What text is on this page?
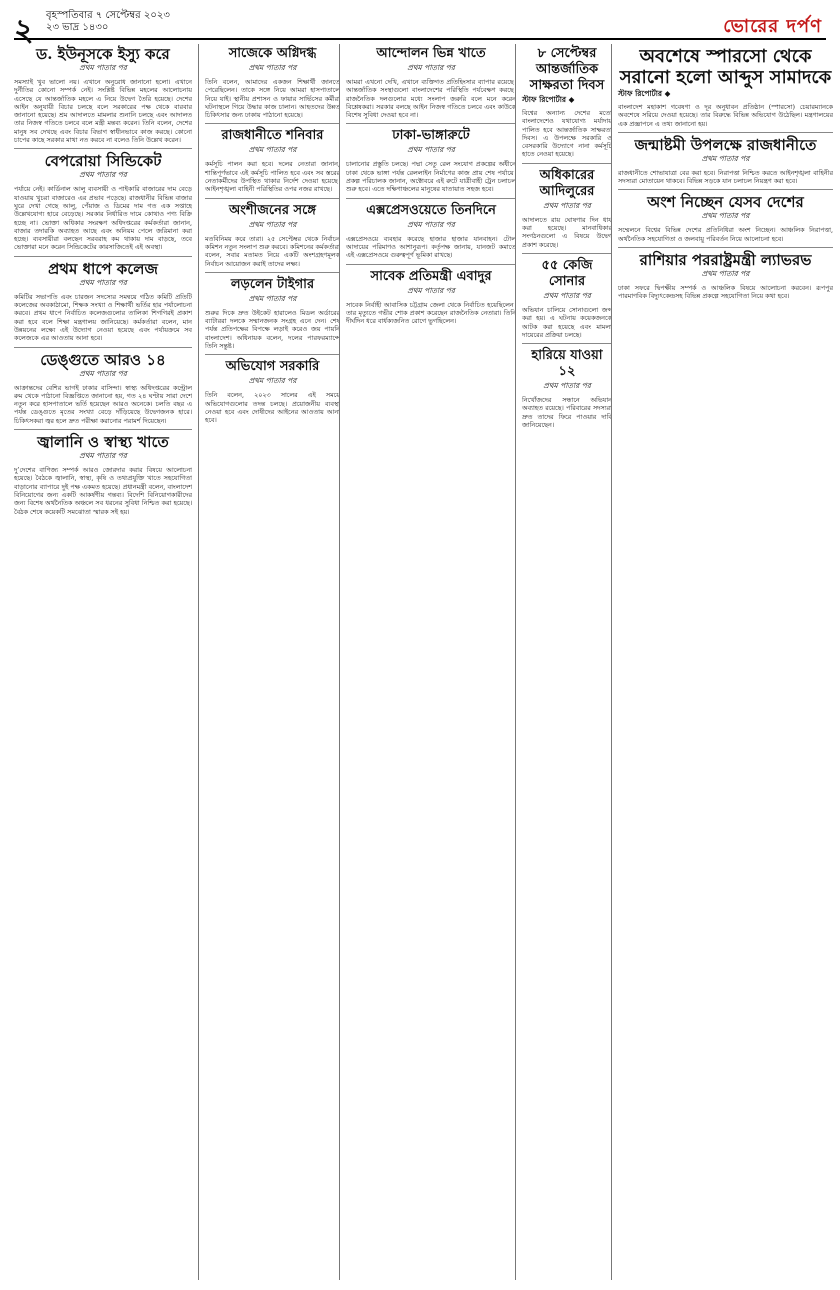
২ বৃহস্পতিবার ৭ সেপ্টেম্বর ২০২৩
২৩ ভাদ্র ১৪৩০	ভোরের দর্পণ
ড. ইউনূসকে ইস্যু করে

প্রথম পাতার পর

সমস্যাই খুব ভালো নয়। এখানে অনুরোধ জানানো হলো। এখানে দুর্নীতির কোনো সম্পর্ক নেই। সংশ্লিষ্ট বিভিন্ন মহলের আলোচনায় এসেছে যে আন্তর্জাতিক মহলে এ নিয়ে উদ্বেগ তৈরি হয়েছে। দেশের আইন অনুযায়ী বিচার চলছে বলে সরকারের পক্ষ থেকে বারবার জানানো হয়েছে। শ্রম আদালতে মামলার শুনানি চলছে এবং আদালত তার নিজস্ব গতিতে চলবে বলে মন্ত্রী মন্তব্য করেন। তিনি বলেন, দেশের মানুষ সব দেখছে এবং বিচার বিভাগ স্বাধীনভাবে কাজ করছে। কোনো চাপের কাছে সরকার মাথা নত করবে না বলেও তিনি উল্লেখ করেন।

বেপরোয়া সিন্ডিকেট

প্রথম পাতার পর

পর্যায়ে নেই। কার্ডিনাল আলু ব্যবসায়ী ও পাইকারি বাজারের দাম বেড়ে যাওয়ায় খুচরা বাজারেও এর প্রভাব পড়েছে। রাজধানীর বিভিন্ন বাজার ঘুরে দেখা গেছে আলু, পেঁয়াজ ও ডিমের দাম গত এক সপ্তাহে উল্লেখযোগ্য হারে বেড়েছে। সরকার নির্ধারিত দামে কোথাও পণ্য বিক্রি হচ্ছে না। ভোক্তা অধিকার সংরক্ষণ অধিদপ্তরের কর্মকর্তারা জানান, বাজার তদারকি অব্যাহত আছে এবং অনিয়ম পেলে জরিমানা করা হচ্ছে। ব্যবসায়ীরা বলছেন সরবরাহ কম থাকায় দাম বাড়ছে, তবে ভোক্তারা মনে করেন সিন্ডিকেটের কারসাজিতেই এই অবস্থা।

প্রথম ধাপে কলেজ

প্রথম পাতার পর

কমিটির সভাপতি এবং চারজন সদস্যের সমন্বয়ে গঠিত কমিটি প্রতিটি কলেজের অবকাঠামো, শিক্ষক সংখ্যা ও শিক্ষার্থী ভর্তির হার পর্যালোচনা করবে। প্রথম ধাপে নির্বাচিত কলেজগুলোর তালিকা শিগগিরই প্রকাশ করা হবে বলে শিক্ষা মন্ত্রণালয় জানিয়েছে। কর্মকর্তারা বলেন, মান উন্নয়নের লক্ষ্যে এই উদ্যোগ নেওয়া হয়েছে এবং পর্যায়ক্রমে সব কলেজকে এর আওতায় আনা হবে।

ডেঙ্গুতে আরও ১৪

প্রথম পাতার পর

আক্রান্তদের বেশির ভাগই ঢাকার বাসিন্দা। স্বাস্থ্য অধিদপ্তরের কন্ট্রোল রুম থেকে পাঠানো বিজ্ঞপ্তিতে জানানো হয়, গত ২৪ ঘণ্টায় সারা দেশে নতুন করে হাসপাতালে ভর্তি হয়েছেন আরও অনেকে। চলতি বছর এ পর্যন্ত ডেঙ্গুতে মৃতের সংখ্যা বেড়ে দাঁড়িয়েছে উদ্বেগজনক হারে। চিকিৎসকরা জ্বর হলে দ্রুত পরীক্ষা করানোর পরামর্শ দিয়েছেন।

জ্বালানি ও স্বাস্থ্য খাতে

প্রথম পাতার পর

দু’দেশের বাণিজ্য সম্পর্ক আরও জোরদার করার বিষয়ে আলোচনা হয়েছে। বৈঠকে জ্বালানি, স্বাস্থ্য, কৃষি ও তথ্যপ্রযুক্তি খাতে সহযোগিতা বাড়ানোর ব্যাপারে দুই পক্ষ একমত হয়েছে। প্রধানমন্ত্রী বলেন, বাংলাদেশ বিনিয়োগের জন্য একটি আকর্ষণীয় গন্তব্য। বিদেশি বিনিয়োগকারীদের জন্য বিশেষ অর্থনৈতিক অঞ্চলে সব ধরনের সুবিধা নিশ্চিত করা হয়েছে। বৈঠক শেষে কয়েকটি সমঝোতা স্মারক সই হয়।

সাজেকে অগ্নিদগ্ধ

প্রথম পাতার পর

তিনি বলেন, আমাদের একজন শিক্ষার্থী জানতে পেরেছিলেন। তাকে সঙ্গে নিয়ে আমরা হাসপাতালে নিয়ে যাই। স্থানীয় প্রশাসন ও ফায়ার সার্ভিসের কর্মীরা ঘটনাস্থলে গিয়ে উদ্ধার কাজ চালান। আহতদের উন্নত চিকিৎসার জন্য ঢাকায় পাঠানো হয়েছে।

রাজধানীতে শনিবার

প্রথম পাতার পর

কর্মসূচি পালন করা হবে। দলের নেতারা জানান, শান্তিপূর্ণভাবে এই কর্মসূচি পালিত হবে এবং সব স্তরের নেতাকর্মীদের উপস্থিত থাকার নির্দেশ দেওয়া হয়েছে। আইনশৃঙ্খলা বাহিনী পরিস্থিতির ওপর নজর রাখছে।

অংশীজনের সঙ্গে

প্রথম পাতার পর

মতবিনিময় করে তারা। ২৫ সেপ্টেম্বর থেকে নির্বাচন কমিশন নতুন সংলাপ শুরু করবে। কমিশনের কর্মকর্তারা বলেন, সবার মতামত নিয়ে একটি অংশগ্রহণমূলক নির্বাচন আয়োজন করাই তাদের লক্ষ্য।

লড়লেন টাইগার

প্রথম পাতার পর

শুরুর দিকে দ্রুত উইকেট হারালেও মিডল অর্ডারের ব্যাটাররা দলকে সম্মানজনক সংগ্রহ এনে দেন। শেষ পর্যন্ত প্রতিপক্ষের বিপক্ষে লড়াই করেও জয় পায়নি বাংলাদেশ। অধিনায়ক বলেন, দলের পারফরম্যান্সে তিনি সন্তুষ্ট।

অভিযোগ সরকারি

প্রথম পাতার পর

তিনি বলেন, ২০২৩ সালের এই সময়ে অভিযোগগুলোর তদন্ত চলছে। প্রয়োজনীয় ব্যবস্থা নেওয়া হবে এবং দোষীদের আইনের আওতায় আনা হবে।

আন্দোলন ভিন্ন খাতে

প্রথম পাতার পর

আমরা এখনো দেখি, এখানে ব্যক্তিগত প্রতিহিংসার ব্যাপার রয়েছে। আন্তর্জাতিক সংস্থাগুলো বাংলাদেশের পরিস্থিতি পর্যবেক্ষণ করছে। রাজনৈতিক দলগুলোর মধ্যে সংলাপ জরুরি বলে মনে করেন বিশ্লেষকরা। সরকার বলছে আইন নিজস্ব গতিতে চলবে এবং কাউকে বিশেষ সুবিধা দেওয়া হবে না।

ঢাকা-ভাঙ্গারুটে

প্রথম পাতার পর

চালানোর প্রস্তুতি চলছে। পদ্মা সেতু রেল সংযোগ প্রকল্পের অধীনে ঢাকা থেকে ভাঙ্গা পর্যন্ত রেললাইন নির্মাণের কাজ প্রায় শেষ পর্যায়ে। প্রকল্প পরিচালক জানান, অক্টোবরে এই রুটে যাত্রীবাহী ট্রেন চলাচল শুরু হবে। এতে দক্ষিণাঞ্চলের মানুষের যাতায়াত সহজ হবে।

এক্সপ্রেসওয়েতে তিনদিনে

প্রথম পাতার পর

এক্সপ্রেসওয়ে ব্যবহার করেছে হাজার হাজার যানবাহন। টোল আদায়ের পরিমাণও আশানুরূপ। কর্তৃপক্ষ জানায়, যানজট কমাতে এই এক্সপ্রেসওয়ে গুরুত্বপূর্ণ ভূমিকা রাখছে।

সাবেক প্রতিমন্ত্রী এবাদুর

প্রথম পাতার পর

সাবেক নির্বাহী আবাসিক চট্টগ্রাম জেলা থেকে নির্বাচিত হয়েছিলেন। তার মৃত্যুতে গভীর শোক প্রকাশ করেছেন রাজনৈতিক নেতারা। তিনি দীর্ঘদিন ধরে বার্ধক্যজনিত রোগে ভুগছিলেন।

৮ সেপ্টেম্বর আন্তর্জাতিক সাক্ষরতা দিবস

স্টাফ রিপোর্টার ◆

বিশ্বের অন্যান্য দেশের মতো বাংলাদেশেও যথাযোগ্য মর্যাদায় পালিত হবে আন্তর্জাতিক সাক্ষরতা দিবস। এ উপলক্ষে সরকারি ও বেসরকারি উদ্যোগে নানা কর্মসূচি হাতে নেওয়া হয়েছে।

অধিকারের আদিলুরের

প্রথম পাতার পর

আদালতে রায় ঘোষণার দিন ধার্য করা হয়েছে। মানবাধিকার সংগঠনগুলো এ বিষয়ে উদ্বেগ প্রকাশ করেছে।

৫৫ কেজি সোনার

প্রথম পাতার পর

অভিযান চালিয়ে সোনাগুলো জব্দ করা হয়। এ ঘটনায় কয়েকজনকে আটক করা হয়েছে এবং মামলা দায়েরের প্রক্রিয়া চলছে।

হারিয়ে যাওয়া ১২

প্রথম পাতার পর

নিখোঁজদের সন্ধানে অভিযান অব্যাহত রয়েছে। পরিবারের সদস্যরা দ্রুত তাদের ফিরে পাওয়ার দাবি জানিয়েছেন।

অবশেষে স্পারসো থেকে সরানো হলো আব্দুস সামাদকে

স্টাফ রিপোর্টার ◆

বাংলাদেশ মহাকাশ গবেষণা ও দূর অনুধাবন প্রতিষ্ঠান (স্পারসো) চেয়ারম্যানকে অবশেষে সরিয়ে দেওয়া হয়েছে। তার বিরুদ্ধে বিভিন্ন অভিযোগ উঠেছিল। মন্ত্রণালয়ের এক প্রজ্ঞাপনে এ তথ্য জানানো হয়।

জন্মাষ্টমী উপলক্ষে রাজধানীতে

প্রথম পাতার পর

রাজধানীতে শোভাযাত্রা বের করা হবে। নিরাপত্তা নিশ্চিত করতে আইনশৃঙ্খলা বাহিনীর সদস্যরা মোতায়েন থাকবে। বিভিন্ন সড়কে যান চলাচল নিয়ন্ত্রণ করা হবে।

অংশ নিচ্ছেন যেসব দেশের

প্রথম পাতার পর

সম্মেলনে বিশ্বের বিভিন্ন দেশের প্রতিনিধিরা অংশ নিচ্ছেন। আঞ্চলিক নিরাপত্তা, অর্থনৈতিক সহযোগিতা ও জলবায়ু পরিবর্তন নিয়ে আলোচনা হবে।

রাশিয়ার পররাষ্ট্রমন্ত্রী ল্যাভরভ

প্রথম পাতার পর

ঢাকা সফরে দ্বিপক্ষীয় সম্পর্ক ও আঞ্চলিক বিষয়ে আলোচনা করবেন। রূপপুর পারমাণবিক বিদ্যুৎকেন্দ্রসহ বিভিন্ন প্রকল্পে সহযোগিতা নিয়ে কথা হবে।
